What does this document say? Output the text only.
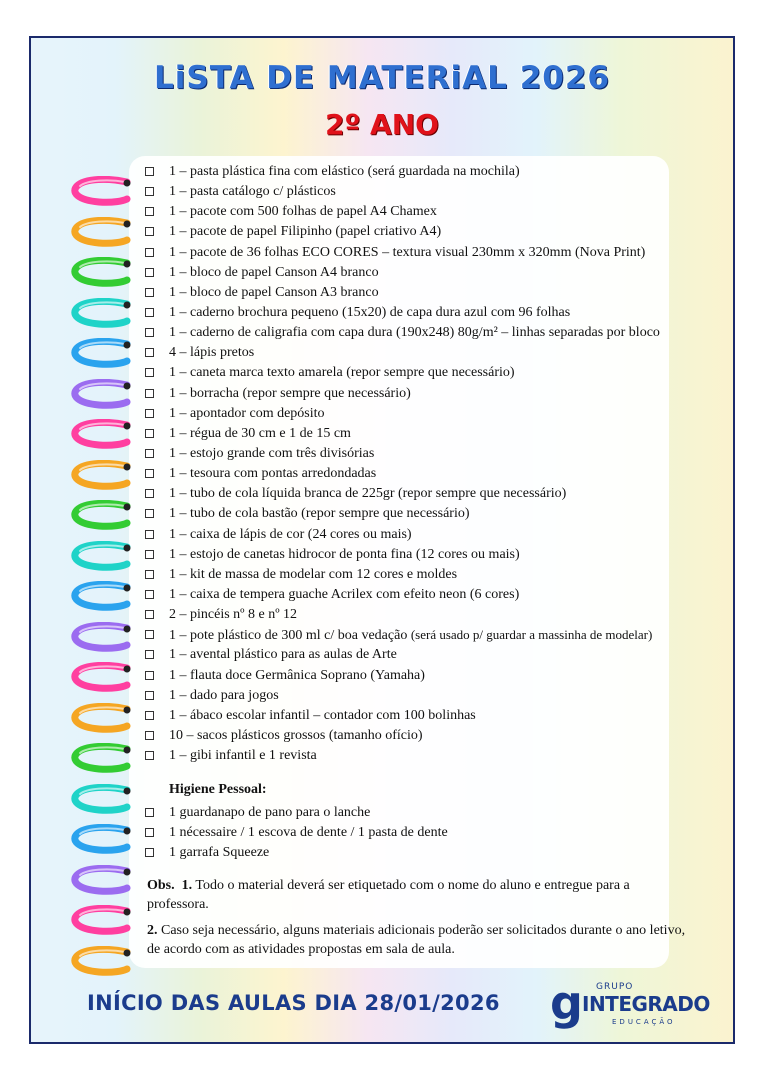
LiSTA DE MATERiAL 2026
2º ANO
1 – pasta plástica fina com elástico (será guardada na mochila)
1 – pasta catálogo c/ plásticos
1 – pacote com 500 folhas de papel A4 Chamex
1 – pacote de papel Filipinho (papel criativo A4)
1 – pacote de 36 folhas ECO CORES – textura visual 230mm x 320mm (Nova Print)
1 – bloco de papel Canson A4 branco
1 – bloco de papel Canson A3 branco
1 – caderno brochura pequeno (15x20) de capa dura azul com 96 folhas
1 – caderno de caligrafia com capa dura (190x248) 80g/m² – linhas separadas por bloco
4 – lápis pretos
1 – caneta marca texto amarela (repor sempre que necessário)
1 – borracha (repor sempre que necessário)
1 – apontador com depósito
1 – régua de 30 cm e 1 de 15 cm
1 – estojo grande com três divisórias
1 – tesoura com pontas arredondadas
1 – tubo de cola líquida branca de 225gr (repor sempre que necessário)
1 – tubo de cola bastão (repor sempre que necessário)
1 – caixa de lápis de cor (24 cores ou mais)
1 – estojo de canetas hidrocor de ponta fina (12 cores ou mais)
1 – kit de massa de modelar com 12 cores e moldes
1 – caixa de tempera guache Acrilex com efeito neon (6 cores)
2 – pincéis nº 8 e nº 12
1 – pote plástico de 300 ml c/ boa vedação (será usado p/ guardar a massinha de modelar)
1 – avental plástico para as aulas de Arte
1 – flauta doce Germânica Soprano (Yamaha)
1 – dado para jogos
1 – ábaco escolar infantil – contador com 100 bolinhas
10 – sacos plásticos grossos (tamanho ofício)
1 – gibi infantil e 1 revista
Higiene Pessoal:
1 guardanapo de pano para o lanche
1 nécessaire / 1 escova de dente / 1 pasta de dente
1 garrafa Squeeze
Obs. 1. Todo o material deverá ser etiquetado com o nome do aluno e entregue para a professora.
2. Caso seja necessário, alguns materiais adicionais poderão ser solicitados durante o ano letivo, de acordo com as atividades propostas em sala de aula.
INÍCIO DAS AULAS DIA 28/01/2026 g GRUPO
INTEGRADO
EDUCAÇÃO
